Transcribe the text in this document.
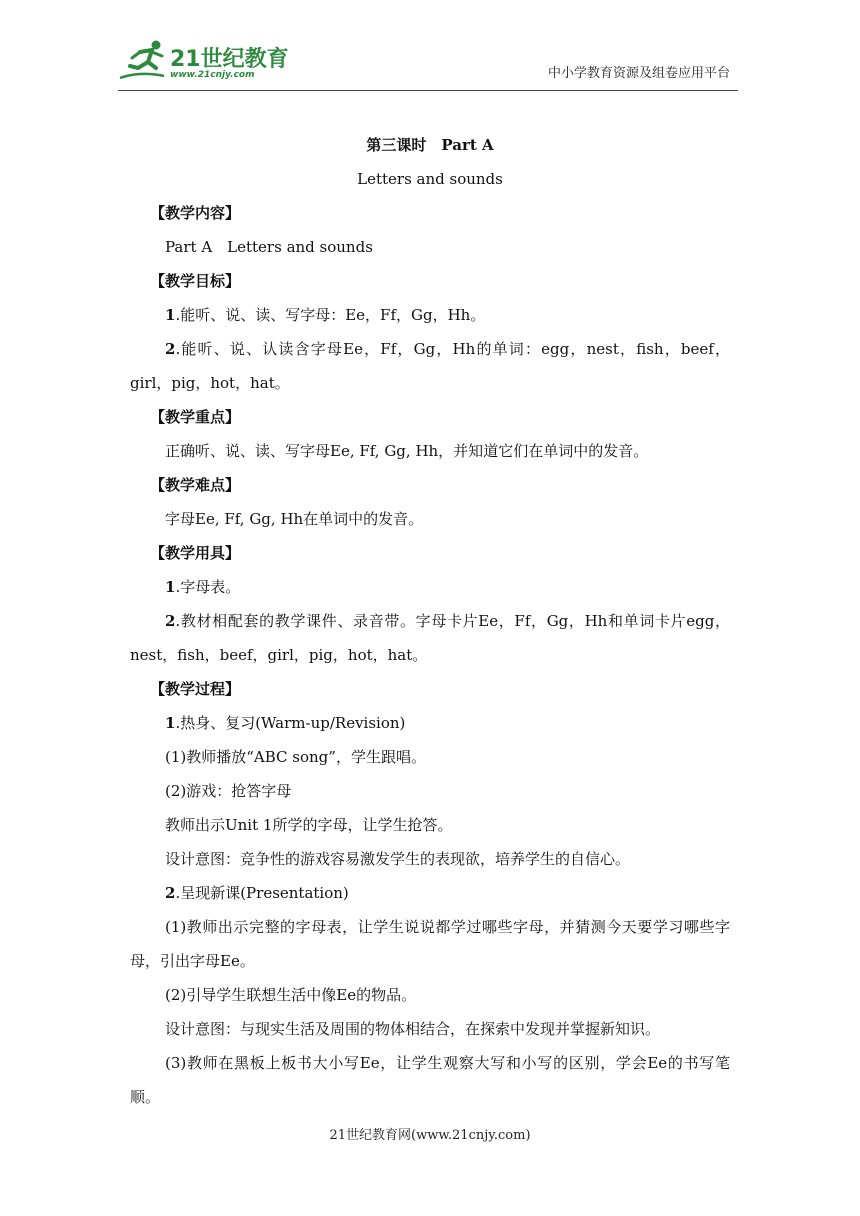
21世纪教育
www.21cnjy.com	中小学教育资源及组卷应用平台

第三课时　Part A

Letters and sounds

【教学内容】

Part A　Letters and sounds

【教学目标】

1.能听、说、读、写字母：Ee，Ff，Gg，Hh。

2.能听、说、认读含字母Ee，Ff，Gg，Hh的单词：egg，nest，fish，beef，girl，pig，hot，hat。

【教学重点】

正确听、说、读、写字母Ee, Ff, Gg, Hh，并知道它们在单词中的发音。

【教学难点】

字母Ee, Ff, Gg, Hh在单词中的发音。

【教学用具】

1.字母表。

2.教材相配套的教学课件、录音带。字母卡片Ee，Ff，Gg，Hh和单词卡片egg，nest，fish，beef，girl，pig，hot，hat。

【教学过程】

1.热身、复习(Warm-up/Revision)

(1)教师播放“ABC song”，学生跟唱。

(2)游戏：抢答字母

教师出示Unit 1所学的字母，让学生抢答。

设计意图：竞争性的游戏容易激发学生的表现欲，培养学生的自信心。

2.呈现新课(Presentation)

(1)教师出示完整的字母表，让学生说说都学过哪些字母，并猜测今天要学习哪些字母，引出字母Ee。

(2)引导学生联想生活中像Ee的物品。

设计意图：与现实生活及周围的物体相结合，在探索中发现并掌握新知识。

(3)教师在黑板上板书大小写Ee，让学生观察大写和小写的区别，学会Ee的书写笔顺。

21世纪教育网(www.21cnjy.com)
